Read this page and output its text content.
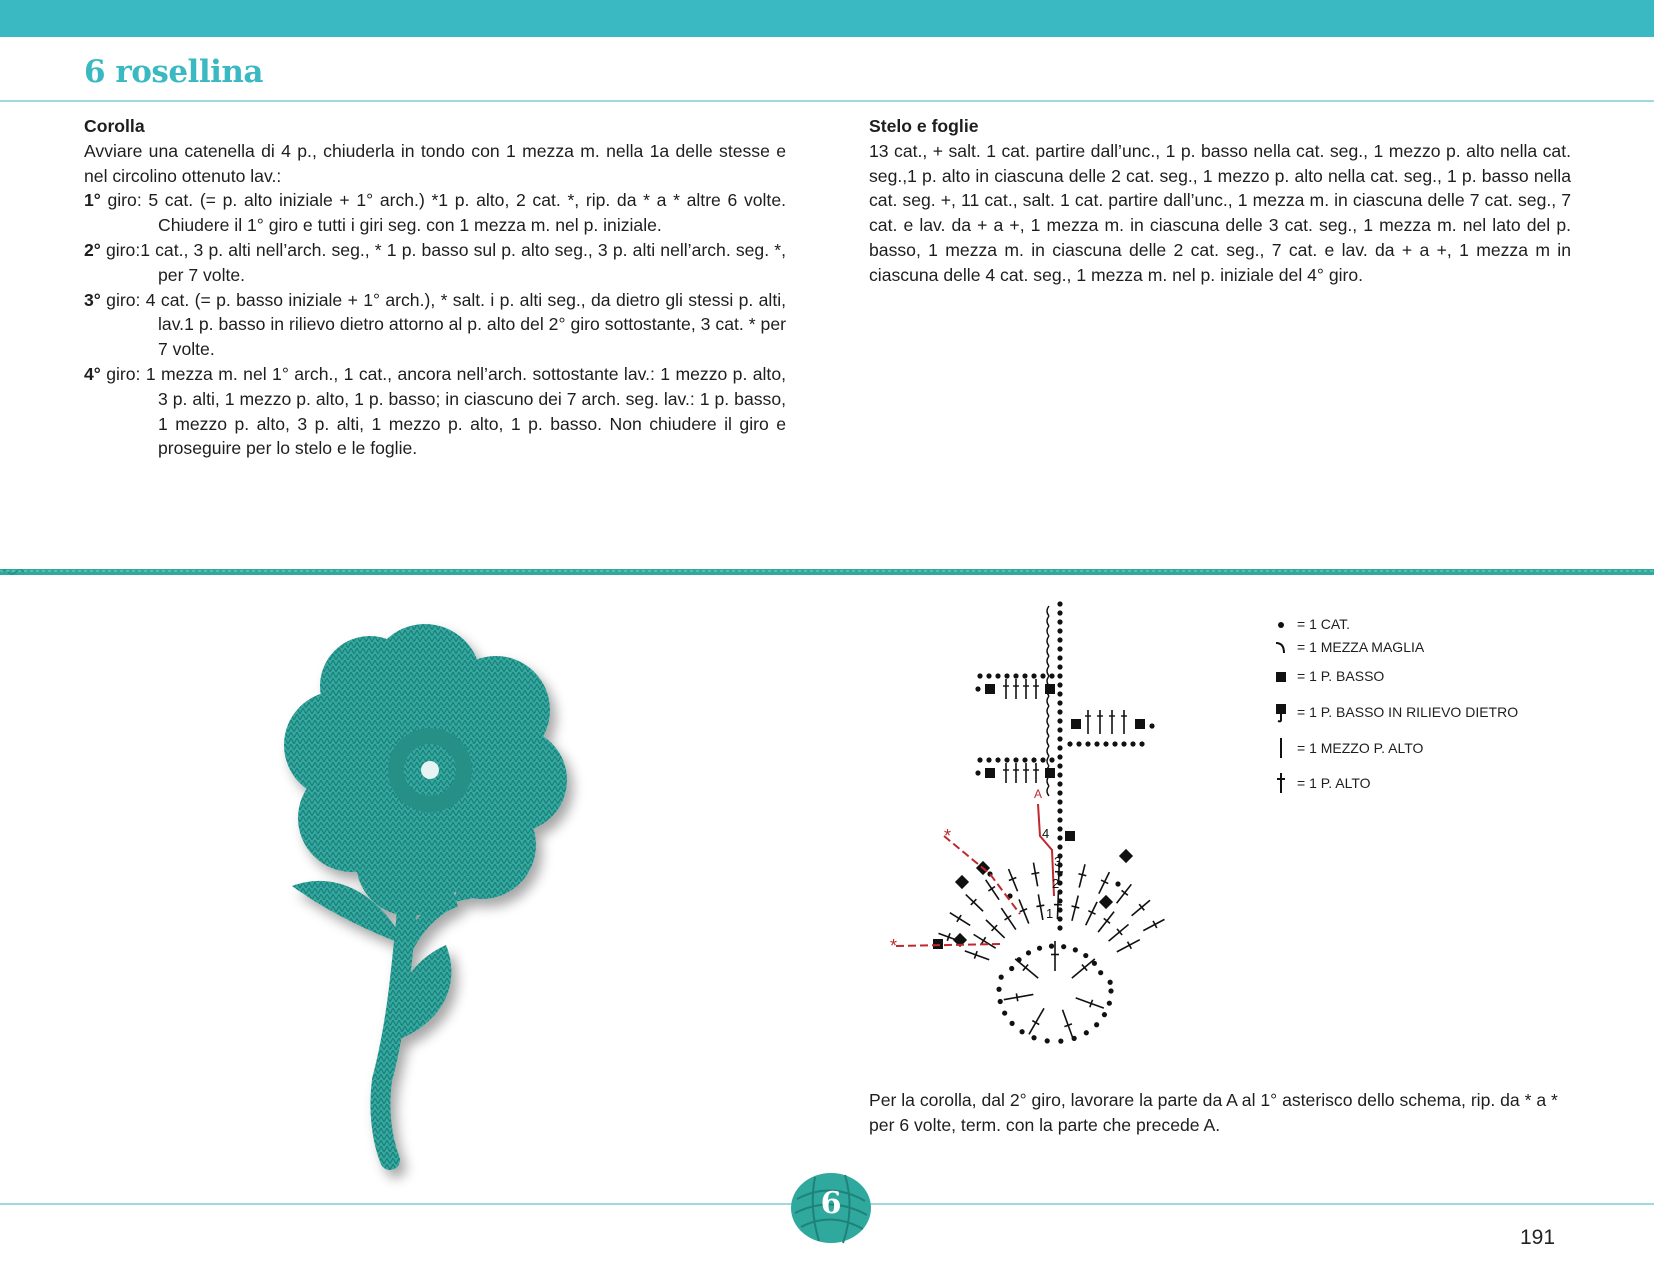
6 rosellina
Corolla

Avviare una catenella di 4 p., chiuderla in tondo con 1 mezza m. nella 1a delle stesse e nel circolino ottenuto lav.:

1° giro: 5 cat. (= p. alto iniziale + 1° arch.) *1 p. alto, 2 cat. *, rip. da * a * altre 6 volte. Chiudere il 1° giro e tutti i giri seg. con 1 mezza m. nel p. iniziale.

2° giro:1 cat., 3 p. alti nell’arch. seg., * 1 p. basso sul p. alto seg., 3 p. alti nell’arch. seg. *, per 7 volte.

3° giro: 4 cat. (= p. basso iniziale + 1° arch.), * salt. i p. alti seg., da dietro gli stessi p. alti, lav.1 p. basso in rilievo dietro attorno al p. alto del 2° giro sottostante, 3 cat. * per 7 volte.

4° giro: 1 mezza m. nel 1° arch., 1 cat., ancora nell’arch. sottostante lav.: 1 mezzo p. alto, 3 p. alti, 1 mezzo p. alto, 1 p. basso; in ciascuno dei 7 arch. seg. lav.: 1 p. basso, 1 mezzo p. alto, 3 p. alti, 1 mezzo p. alto, 1 p. basso. Non chiudere il giro e proseguire per lo stelo e le foglie.

Stelo e foglie

13 cat., + salt. 1 cat. partire dall’unc., 1 p. basso nella cat. seg., 1 mezzo p. alto nella cat. seg.,1 p. alto in ciascuna delle 2 cat. seg., 1 mezzo p. alto nella cat. seg., 1 p. basso nella cat. seg. +, 11 cat., salt. 1 cat. partire dall’unc., 1 mezza m. in ciascuna delle 7 cat. seg., 7 cat. e lav. da + a +, 1 mezza m. in ciascuna delle 3 cat. seg., 1 mezza m. nel lato del p. basso, 1 mezza m. in ciascuna delle 2 cat. seg., 7 cat. e lav. da + a +, 1 mezza m in ciascuna delle 4 cat. seg., 1 mezza m. nel p. iniziale del 4° giro.

A
*
*
1
2
3
4
= 1 CAT.
= 1 MEZZA MAGLIA
= 1 P. BASSO
= 1 P. BASSO IN RILIEVO DIETRO
= 1 MEZZO P. ALTO
= 1 P. ALTO

Per la corolla, dal 2° giro, lavorare la parte da A al 1° asterisco dello schema, rip. da * a * per 6 volte, term. con la parte che precede A.

6
191
